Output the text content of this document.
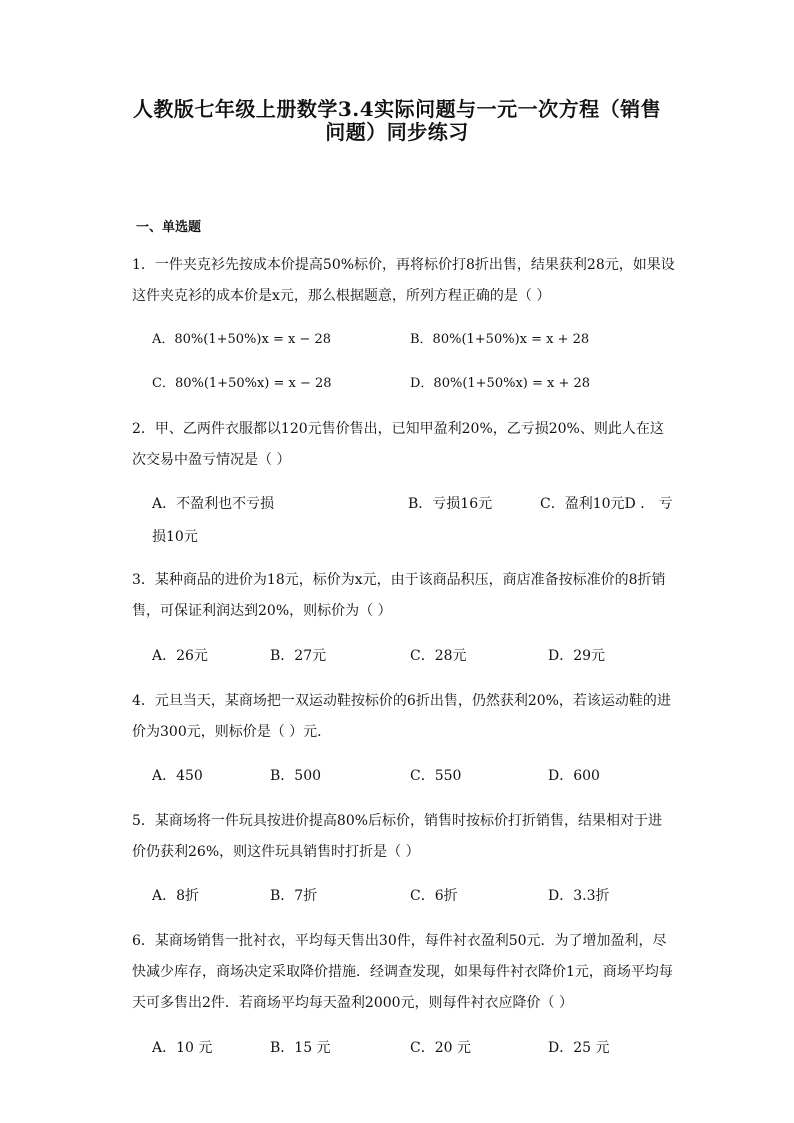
人教版七年级上册数学3.4实际问题与一元一次方程（销售
问题）同步练习
一、单选题

1．一件夹克衫先按成本价提高50%标价，再将标价打8折出售，结果获利28元，如果设这件夹克衫的成本价是x元，那么根据题意，所列方程正确的是（ ）

A．80%(1+50%)x = x − 28	B．80%(1+50%)x = x + 28
C．80%(1+50%x) = x − 28	D．80%(1+50%x) = x + 28

2．甲、乙两件衣服都以120元售价售出，已知甲盈利20%，乙亏损20%、则此人在这次交易中盈亏情况是（ ）

A．不盈利也不亏损	B．亏损16元	C．盈利10元D ． 亏
损10元

3．某种商品的进价为18元，标价为x元，由于该商品积压，商店准备按标准价的8折销售，可保证利润达到20%，则标价为（ ）

A．26元	B．27元	C．28元	D．29元

4．元旦当天，某商场把一双运动鞋按标价的6折出售，仍然获利20%，若该运动鞋的进价为300元，则标价是（ ）元．

A．450	B．500	C．550	D．600

5．某商场将一件玩具按进价提高80%后标价，销售时按标价打折销售，结果相对于进价仍获利26%，则这件玩具销售时打折是（ ）

A．8折	B．7折	C．6折	D．3.3折

6．某商场销售一批衬衣，平均每天售出30件，每件衬衣盈利50元．为了增加盈利，尽快减少库存，商场决定采取降价措施．经调查发现，如果每件衬衣降价1元，商场平均每天可多售出2件．若商场平均每天盈利2000元，则每件衬衣应降价（ ）

A．10 元	B．15 元	C．20 元	D．25 元
